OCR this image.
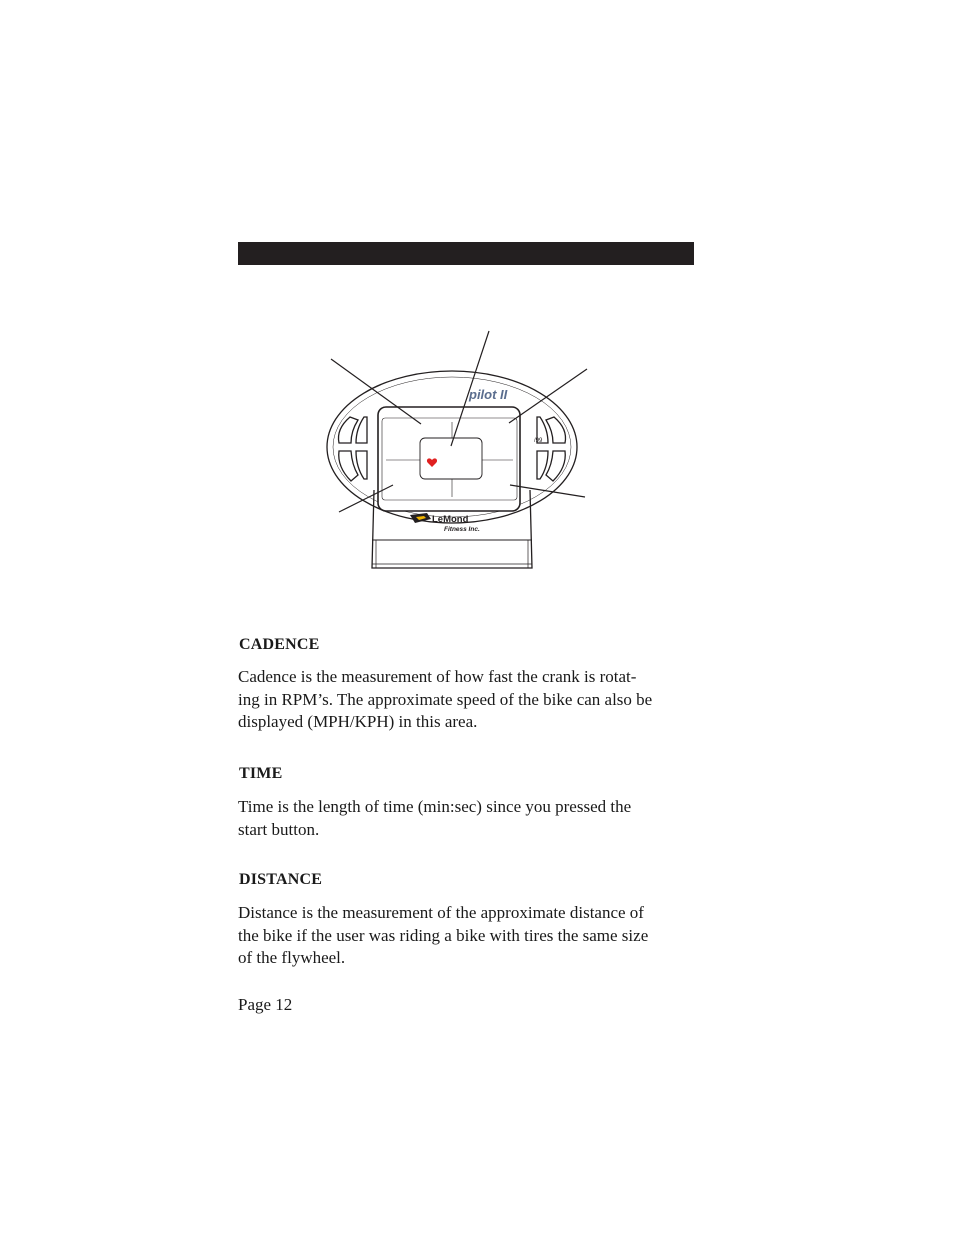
pilot II
/99
LeMond
Fitness Inc.
CADENCE

Cadence is the measurement of how fast the crank is rotat-
ing in RPM’s. The approximate speed of the bike can also be
displayed (MPH/KPH) in this area.

TIME

Time is the length of time (min:sec) since you pressed the
start button.

DISTANCE

Distance is the measurement of the approximate distance of
the bike if the user was riding a bike with tires the same size
of the flywheel.

Page 12
